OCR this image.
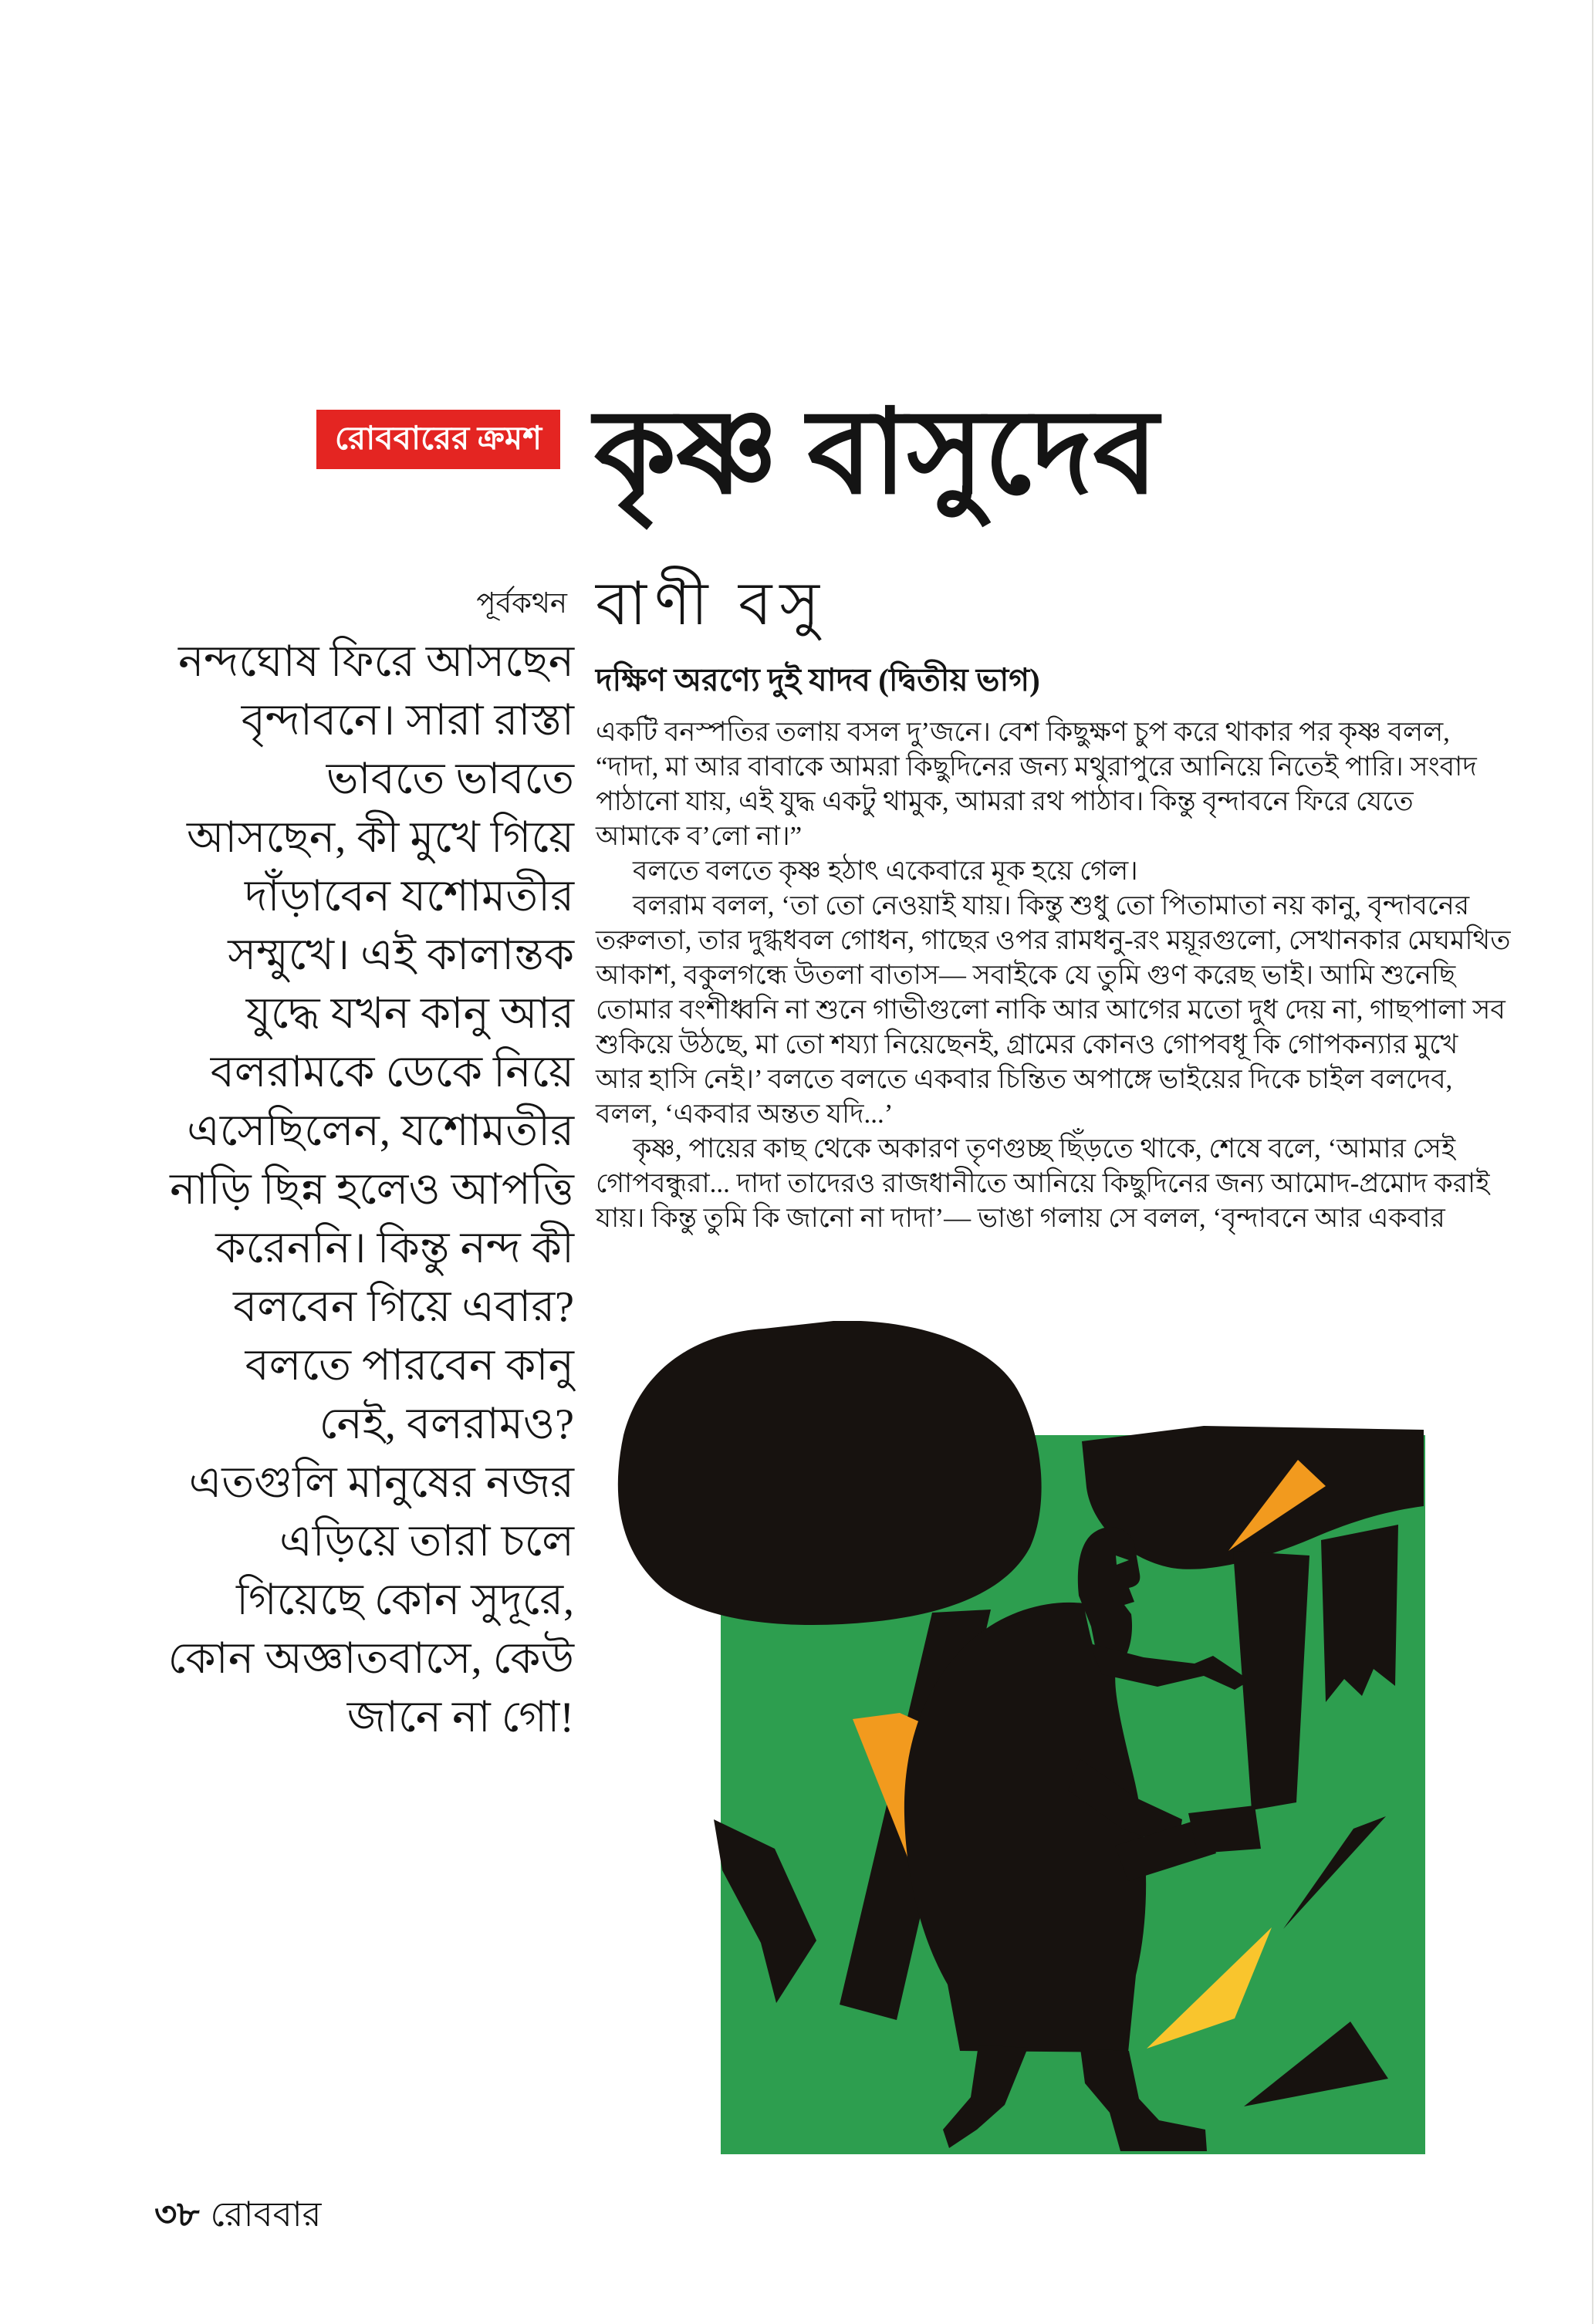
রোববারের ক্রমশ কৃষ্ণ বাসুদেব
পূর্বকথন বাণী বসু
দক্ষিণ অরণ্যে দুই যাদব (দ্বিতীয় ভাগ)
নন্দঘোষ ফিরে আসছেন
বৃন্দাবনে। সারা রাস্তা
ভাবতে ভাবতে
আসছেন, কী মুখে গিয়ে
দাঁড়াবেন যশোমতীর
সম্মুখে। এই কালান্তক
যুদ্ধে যখন কানু আর
বলরামকে ডেকে নিয়ে
এসেছিলেন, যশোমতীর
নাড়ি ছিন্ন হলেও আপত্তি
করেননি। কিন্তু নন্দ কী
বলবেন গিয়ে এবার?
বলতে পারবেন কানু
নেই, বলরামও?
এতগুলি মানুষের নজর
এড়িয়ে তারা চলে
গিয়েছে কোন সুদূরে,
কোন অজ্ঞাতবাসে, কেউ
জানে না গো!
একটি বনস্পতির তলায় বসল দু’জনে। বেশ কিছুক্ষণ চুপ করে থাকার পর কৃষ্ণ বলল,
“দাদা, মা আর বাবাকে আমরা কিছুদিনের জন্য মথুরাপুরে আনিয়ে নিতেই পারি। সংবাদ
পাঠানো যায়, এই যুদ্ধ একটু থামুক, আমরা রথ পাঠাব। কিন্তু বৃন্দাবনে ফিরে যেতে
আমাকে ব’লো না।”
বলতে বলতে কৃষ্ণ হঠাৎ একেবারে মূক হয়ে গেল।
বলরাম বলল, ‘তা তো নেওয়াই যায়। কিন্তু শুধু তো পিতামাতা নয় কানু, বৃন্দাবনের
তরুলতা, তার দুগ্ধধবল গোধন, গাছের ওপর রামধনু-রং ময়ূরগুলো, সেখানকার মেঘমথিত
আকাশ, বকুলগন্ধে উতলা বাতাস— সবাইকে যে তুমি গুণ করেছ ভাই। আমি শুনেছি
তোমার বংশীধ্বনি না শুনে গাভীগুলো নাকি আর আগের মতো দুধ দেয় না, গাছপালা সব
শুকিয়ে উঠছে, মা তো শয্যা নিয়েছেনই, গ্রামের কোনও গোপবধূ কি গোপকন্যার মুখে
আর হাসি নেই।’ বলতে বলতে একবার চিন্তিত অপাঙ্গে ভাইয়ের দিকে চাইল বলদেব,
বলল, ‘একবার অন্তত যদি...’
কৃষ্ণ, পায়ের কাছ থেকে অকারণ তৃণগুচ্ছ ছিঁড়তে থাকে, শেষে বলে, ‘আমার সেই
গোপবন্ধুরা... দাদা তাদেরও রাজধানীতে আনিয়ে কিছুদিনের জন্য আমোদ-প্রমোদ করাই
যায়। কিন্তু তুমি কি জানো না দাদা’— ভাঙা গলায় সে বলল, ‘বৃন্দাবনে আর একবার
৩৮ রোববার
